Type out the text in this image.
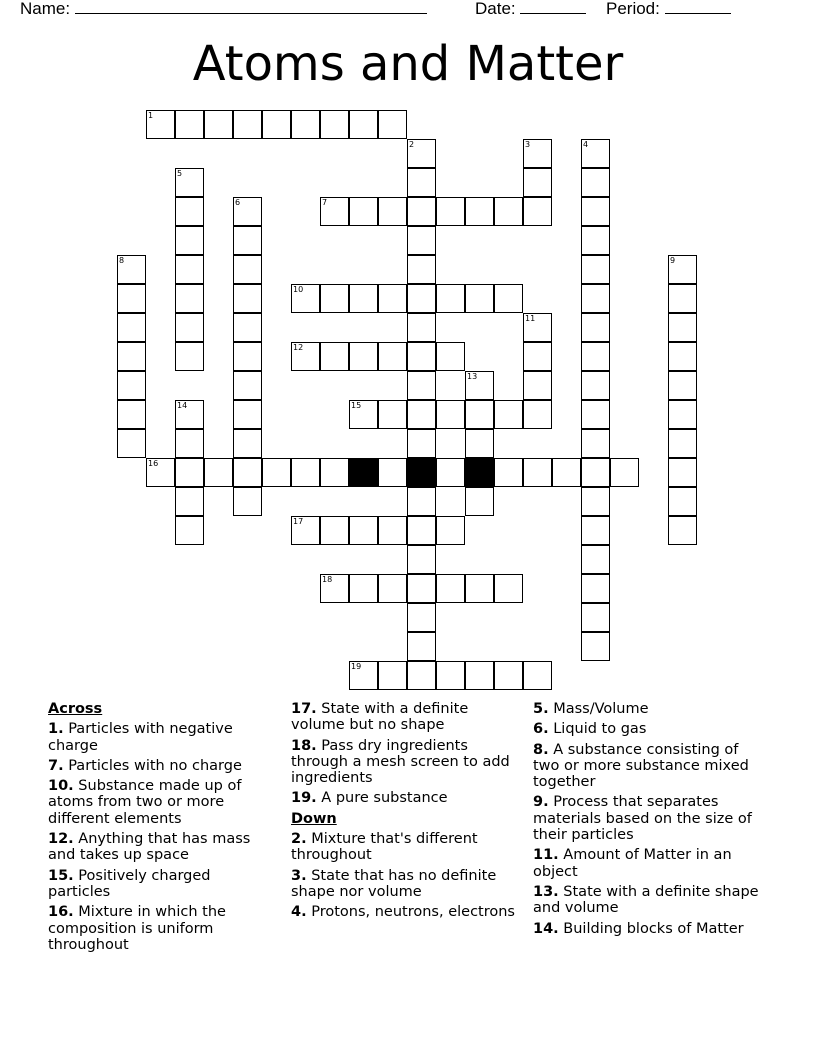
Name:	Date:	Period:
Atoms and Matter
1
2	3	4
5
6	7
8	9
10
11
12
13
14	15
16
17
18
19
Across
1. Particles with negative charge
7. Particles with no charge
10. Substance made up of atoms from two or more different elements
12. Anything that has mass and takes up space
15. Positively charged particles
16. Mixture in which the composition is uniform throughout
17. State with a definite volume but no shape
18. Pass dry ingredients through a mesh screen to add ingredients
19. A pure substance
Down
2. Mixture that's different throughout
3. State that has no definite shape nor volume
4. Protons, neutrons, electrons
5. Mass/Volume
6. Liquid to gas
8. A substance consisting of two or more substance mixed together
9. Process that separates materials based on the size of their particles
11. Amount of Matter in an object
13. State with a definite shape and volume
14. Building blocks of Matter
